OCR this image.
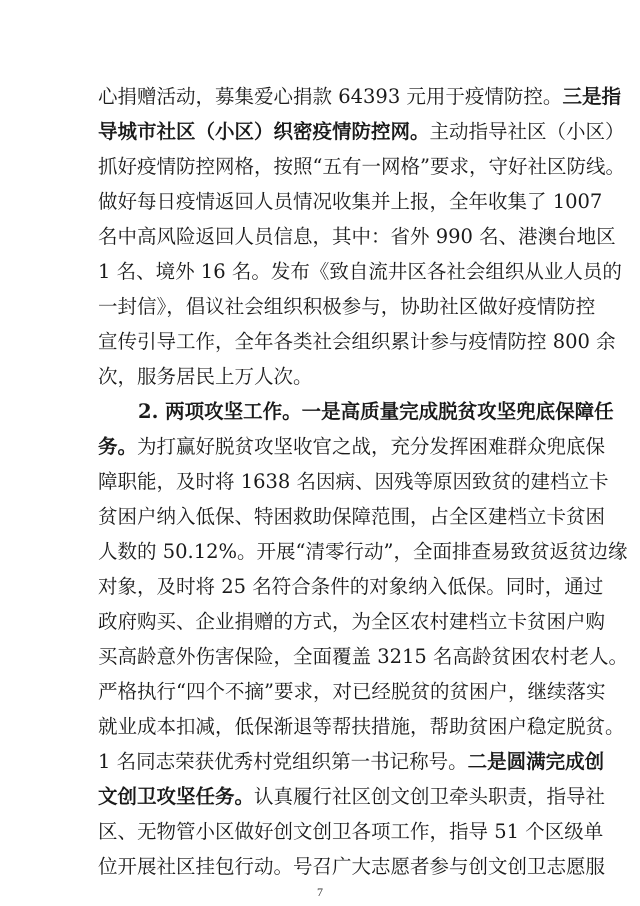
心捐赠活动，募集爱心捐款 64393 元用于疫情防控。三是指
导城市社区（小区）织密疫情防控网。主动指导社区（小区）
抓好疫情防控网格，按照“五有一网格”要求，守好社区防线。
做好每日疫情返回人员情况收集并上报，全年收集了 1007
名中高风险返回人员信息，其中：省外 990 名、港澳台地区
1 名、境外 16 名。发布《致自流井区各社会组织从业人员的
一封信》，倡议社会组织积极参与，协助社区做好疫情防控
宣传引导工作，全年各类社会组织累计参与疫情防控 800 余
次，服务居民上万人次。
2. 两项攻坚工作。一是高质量完成脱贫攻坚兜底保障任
务。为打赢好脱贫攻坚收官之战，充分发挥困难群众兜底保
障职能，及时将 1638 名因病、因残等原因致贫的建档立卡
贫困户纳入低保、特困救助保障范围，占全区建档立卡贫困
人数的 50.12%。开展“清零行动”，全面排查易致贫返贫边缘
对象，及时将 25 名符合条件的对象纳入低保。同时，通过
政府购买、企业捐赠的方式，为全区农村建档立卡贫困户购
买高龄意外伤害保险，全面覆盖 3215 名高龄贫困农村老人。
严格执行“四个不摘”要求，对已经脱贫的贫困户，继续落实
就业成本扣减，低保渐退等帮扶措施，帮助贫困户稳定脱贫。
1 名同志荣获优秀村党组织第一书记称号。二是圆满完成创
文创卫攻坚任务。认真履行社区创文创卫牵头职责，指导社
区、无物管小区做好创文创卫各项工作，指导 51 个区级单
位开展社区挂包行动。号召广大志愿者参与创文创卫志愿服
7
